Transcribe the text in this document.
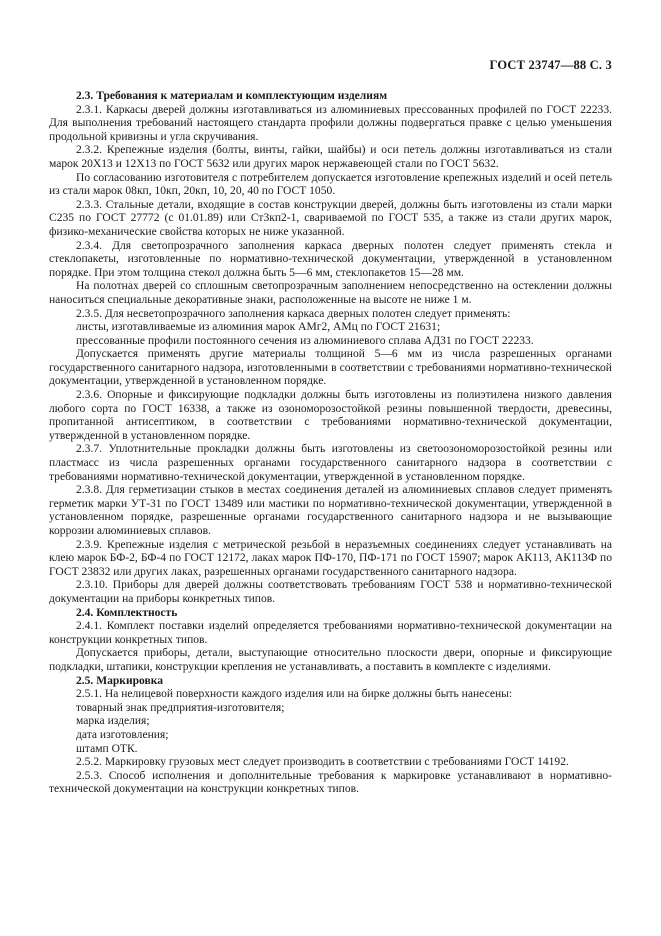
ГОСТ 23747—88 С. 3
2.3. Требования к материалам и комплектующим изделиям

2.3.1. Каркасы дверей должны изготавливаться из алюминиевых прессованных профилей по ГОСТ 22233. Для выполнения требований настоящего стандарта профили должны подвергаться правке с целью уменьшения продольной кривизны и угла скручивания.

2.3.2. Крепежные изделия (болты, винты, гайки, шайбы) и оси петель должны изготавливаться из стали марок 20Х13 и 12Х13 по ГОСТ 5632 или других марок нержавеющей стали по ГОСТ 5632.

По согласованию изготовителя с потребителем допускается изготовление крепежных изделий и осей петель из стали марок 08кп, 10кп, 20кп, 10, 20, 40 по ГОСТ 1050.

2.3.3. Стальные детали, входящие в состав конструкции дверей, должны быть изготовлены из стали марки С235 по ГОСТ 27772 (с 01.01.89) или Ст3кп2-1, свариваемой по ГОСТ 535, а также из стали других марок, физико-механические свойства которых не ниже указанной.

2.3.4. Для светопрозрачного заполнения каркаса дверных полотен следует применять стекла и стеклопакеты, изготовленные по нормативно-технической документации, утвержденной в установленном порядке. При этом толщина стекол должна быть 5—6 мм, стеклопакетов 15—28 мм.

На полотнах дверей со сплошным светопрозрачным заполнением непосредственно на остеклении должны наноситься специальные декоративные знаки, расположенные на высоте не ниже 1 м.

2.3.5. Для несветопрозрачного заполнения каркаса дверных полотен следует применять:

листы, изготавливаемые из алюминия марок АМг2, АМц по ГОСТ 21631;

прессованные профили постоянного сечения из алюминиевого сплава АД31 по ГОСТ 22233.

Допускается применять другие материалы толщиной 5—6 мм из числа разрешенных органами государственного санитарного надзора, изготовленными в соответствии с требованиями нормативно-технической документации, утвержденной в установленном порядке.

2.3.6. Опорные и фиксирующие подкладки должны быть изготовлены из полиэтилена низкого давления любого сорта по ГОСТ 16338, а также из озономорозостойкой резины повышенной твердости, древесины, пропитанной антисептиком, в соответствии с требованиями нормативно-технической документации, утвержденной в установленном порядке.

2.3.7. Уплотнительные прокладки должны быть изготовлены из светоозономорозостойкой резины или пластмасс из числа разрешенных органами государственного санитарного надзора в соответствии с требованиями нормативно-технической документации, утвержденной в установленном порядке.

2.3.8. Для герметизации стыков в местах соединения деталей из алюминиевых сплавов следует применять герметик марки УТ-31 по ГОСТ 13489 или мастики по нормативно-технической документации, утвержденной в установленном порядке, разрешенные органами государственного санитарного надзора и не вызывающие коррозии алюминиевых сплавов.

2.3.9. Крепежные изделия с метрической резьбой в неразъемных соединениях следует устанавливать на клею марок БФ-2, БФ-4 по ГОСТ 12172, лаках марок ПФ-170, ПФ-171 по ГОСТ 15907; марок АК113, АК113Ф по ГОСТ 23832 или других лаках, разрешенных органами государственного санитарного надзора.

2.3.10. Приборы для дверей должны соответствовать требованиям ГОСТ 538 и нормативно-технической документации на приборы конкретных типов.

2.4. Комплектность

2.4.1. Комплект поставки изделий определяется требованиями нормативно-технической документации на конструкции конкретных типов.

Допускается приборы, детали, выступающие относительно плоскости двери, опорные и фиксирующие подкладки, штапики, конструкции крепления не устанавливать, а поставить в комплекте с изделиями.

2.5. Маркировка

2.5.1. На нелицевой поверхности каждого изделия или на бирке должны быть нанесены:

товарный знак предприятия-изготовителя;

марка изделия;

дата изготовления;

штамп ОТК.

2.5.2. Маркировку грузовых мест следует производить в соответствии с требованиями ГОСТ 14192.

2.5.3. Способ исполнения и дополнительные требования к маркировке устанавливают в нормативно-технической документации на конструкции конкретных типов.
